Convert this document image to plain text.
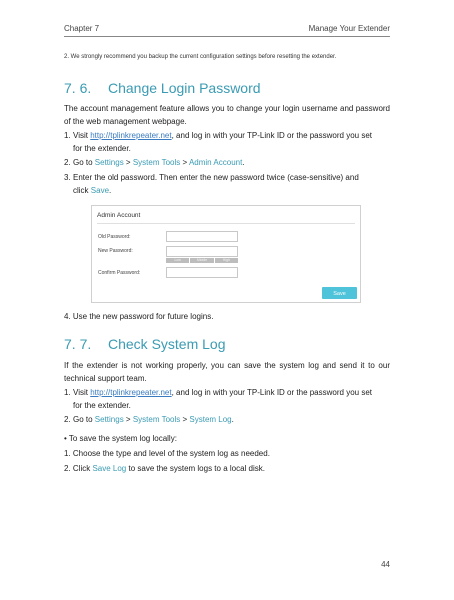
Chapter 7	Manage Your Extender
2. We strongly recommend you backup the current configuration settings before resetting the extender.
7. 6. Change Login Password
The account management feature allows you to change your login username and password of the web management webpage.
1. Visit http://tplinkrepeater.net, and log in with your TP-Link ID or the password you set
for the extender.
2. Go to Settings > System Tools > Admin Account.
3. Enter the old password. Then enter the new password twice (case-sensitive) and
click Save.
Admin Account
Old Password:
New Password:
Low	Middle	High
Confirm Password:
Save
4. Use the new password for future logins.
7. 7. Check System Log
If the extender is not working properly, you can save the system log and send it to our technical support team.
1. Visit http://tplinkrepeater.net, and log in with your TP-Link ID or the password you set
for the extender.
2. Go to Settings > System Tools > System Log.
• To save the system log locally:
1. Choose the type and level of the system log as needed.
2. Click Save Log to save the system logs to a local disk.
44
